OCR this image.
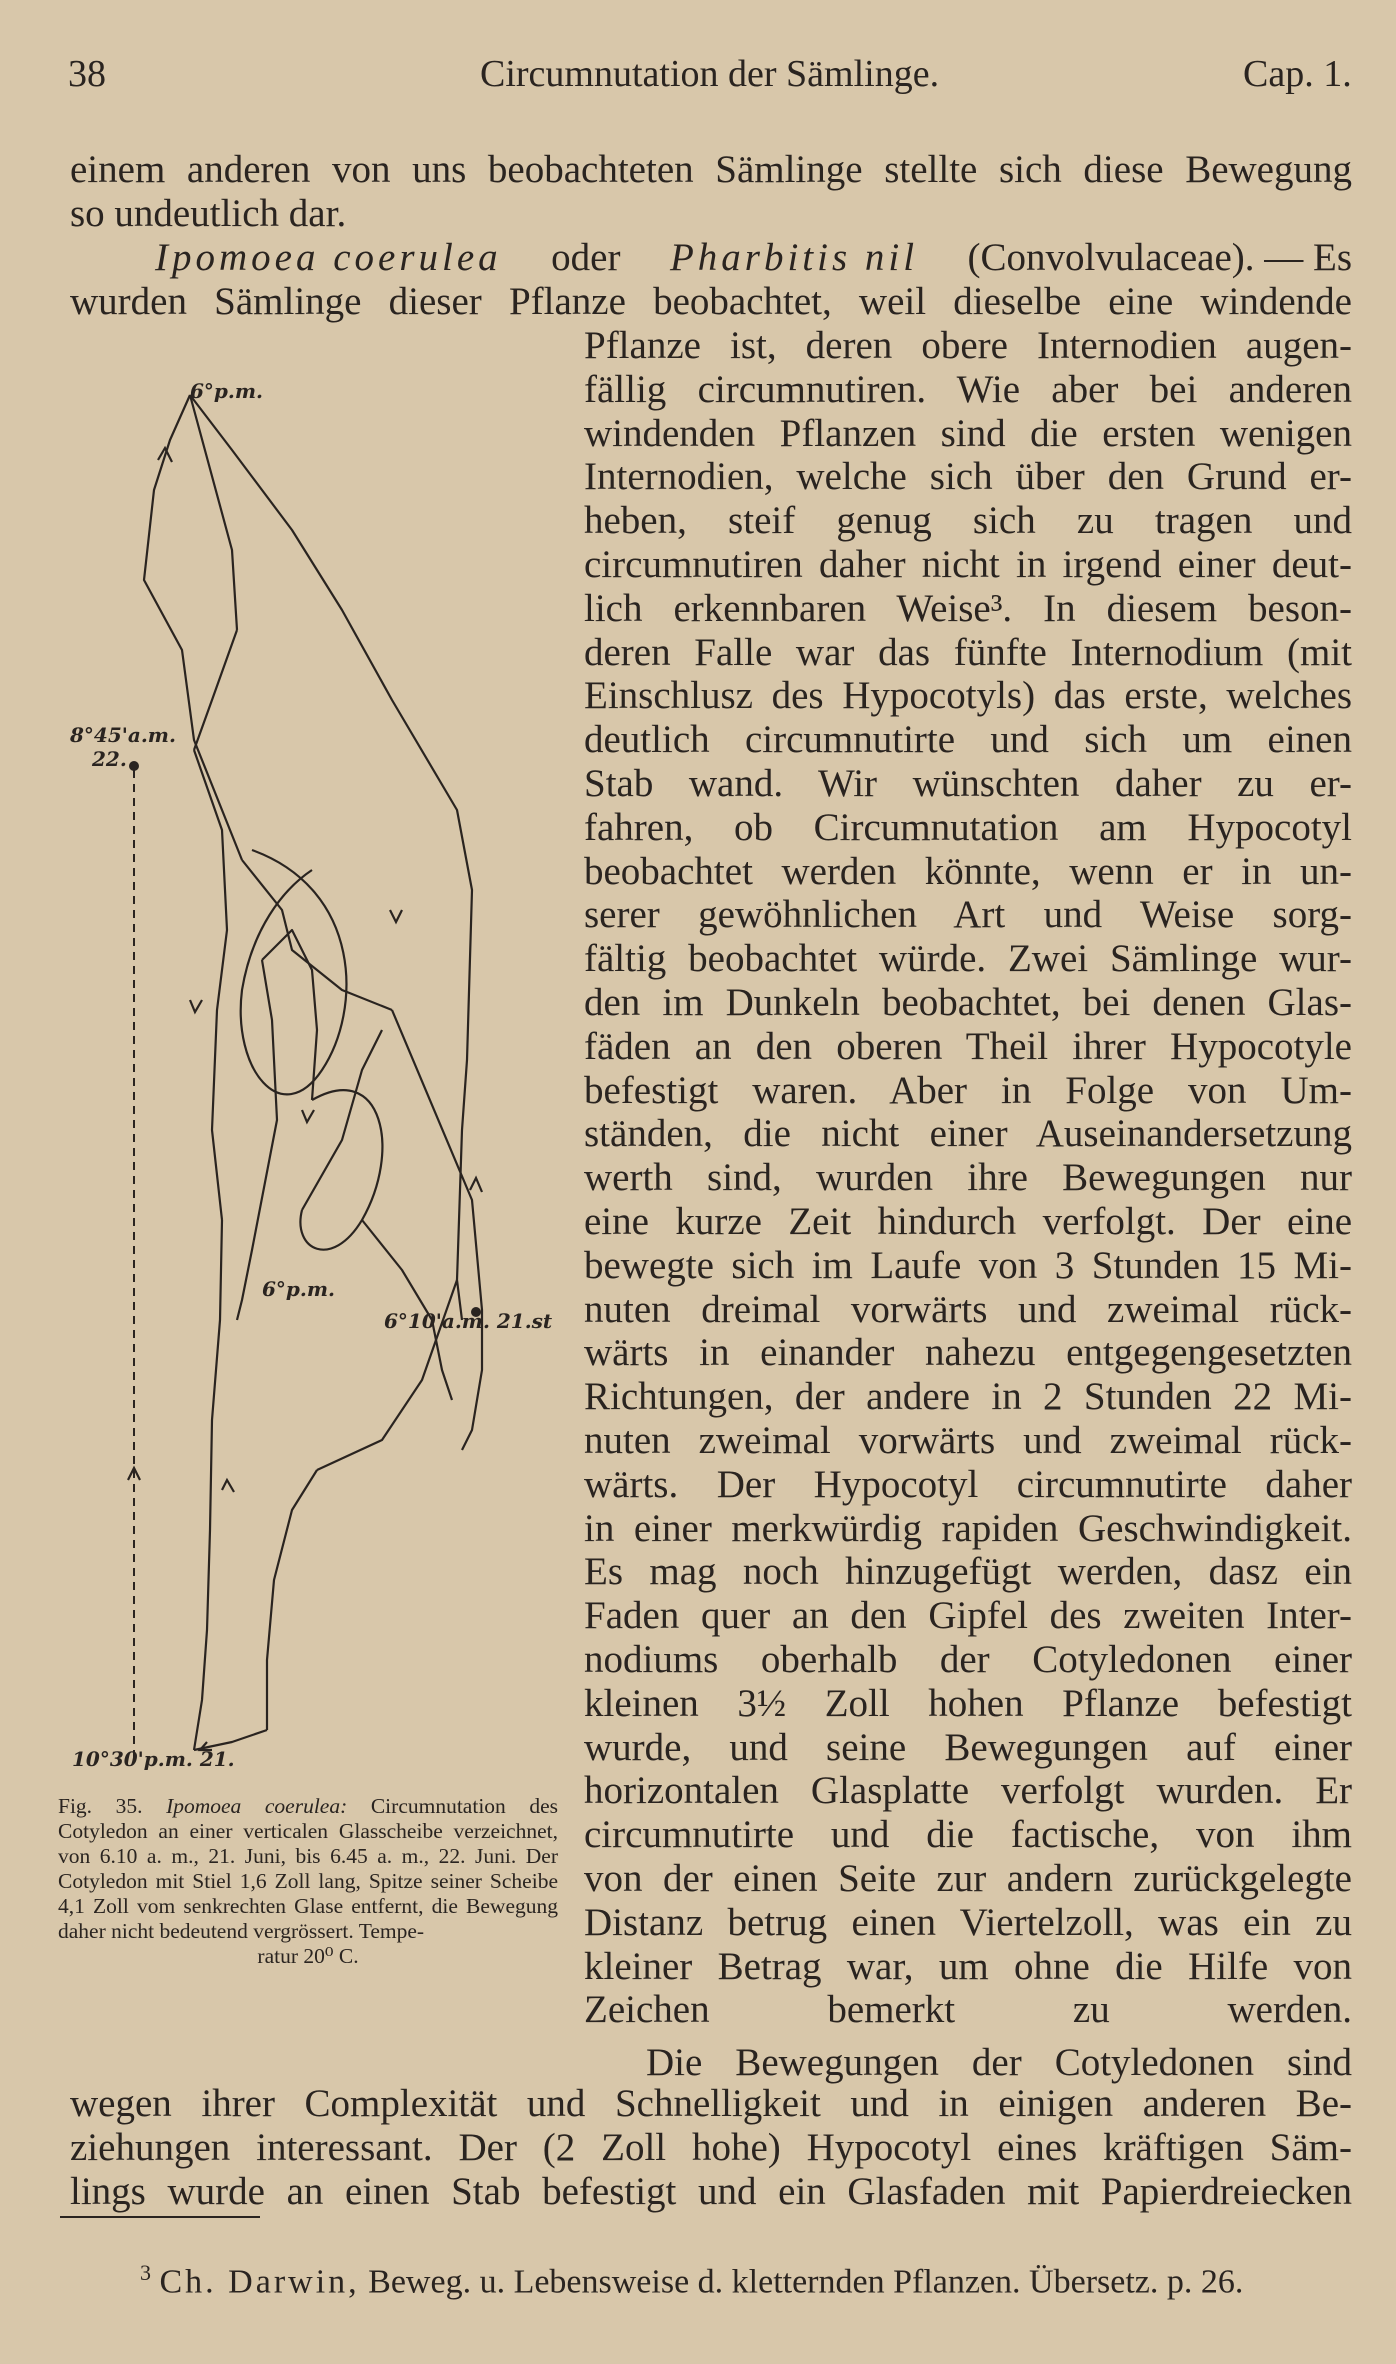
38	Circumnutation der Sämlinge.	Cap. 1.
einem anderen von uns beobachteten Sämlinge stellte sich diese Bewegung
so undeutlich dar.
Ipomoea coerulea oder Pharbitis nil (Convolvulaceae). — Es
wurden Sämlinge dieser Pflanze beobachtet, weil dieselbe eine windende
Pflanze ist, deren obere Internodien augen-
fällig circumnutiren. Wie aber bei anderen
windenden Pflanzen sind die ersten wenigen
Internodien, welche sich über den Grund er-
heben, steif genug sich zu tragen und
circumnutiren daher nicht in irgend einer deut-
lich erkennbaren Weise³. In diesem beson-
deren Falle war das fünfte Internodium (mit
Einschlusz des Hypocotyls) das erste, welches
deutlich circumnutirte und sich um einen
Stab wand. Wir wünschten daher zu er-
fahren, ob Circumnutation am Hypocotyl
beobachtet werden könnte, wenn er in un-
serer gewöhnlichen Art und Weise sorg-
fältig beobachtet würde. Zwei Sämlinge wur-
den im Dunkeln beobachtet, bei denen Glas-
fäden an den oberen Theil ihrer Hypocotyle
befestigt waren. Aber in Folge von Um-
ständen, die nicht einer Auseinandersetzung
werth sind, wurden ihre Bewegungen nur
eine kurze Zeit hindurch verfolgt. Der eine
bewegte sich im Laufe von 3 Stunden 15 Mi-
nuten dreimal vorwärts und zweimal rück-
wärts in einander nahezu entgegengesetzten
Richtungen, der andere in 2 Stunden 22 Mi-
nuten zweimal vorwärts und zweimal rück-
wärts. Der Hypocotyl circumnutirte daher
in einer merkwürdig rapiden Geschwindigkeit.
Es mag noch hinzugefügt werden, dasz ein
Faden quer an den Gipfel des zweiten Inter-
nodiums oberhalb der Cotyledonen einer
kleinen 3½ Zoll hohen Pflanze befestigt
wurde, und seine Bewegungen auf einer
horizontalen Glasplatte verfolgt wurden. Er
circumnutirte und die factische, von ihm
von der einen Seite zur andern zurückgelegte
Distanz betrug einen Viertelzoll, was ein zu
kleiner Betrag war, um ohne die Hilfe von
Zeichen bemerkt zu werden.
Die Bewegungen der Cotyledonen sind
wegen ihrer Complexität und Schnelligkeit und in einigen anderen Be-
ziehungen interessant. Der (2 Zoll hohe) Hypocotyl eines kräftigen Säm-
lings wurde an einen Stab befestigt und ein Glasfaden mit Papierdreiecken
6°p.m.
8°45'a.m.
22.
6°p.m.
6°10'a.m. 21.st
10°30'p.m. 21.
Fig. 35. Ipomoea coerulea: Circumnutation des Cotyledon an einer verticalen Glasscheibe verzeichnet, von 6.10 a. m., 21. Juni, bis 6.45 a. m., 22. Juni. Der Cotyledon mit Stiel 1,6 Zoll lang, Spitze seiner Scheibe 4,1 Zoll vom senkrechten Glase entfernt, die Bewegung daher nicht bedeutend vergrössert. Tempe-
ratur 20⁰ C.
$^3$ Ch. Darwin, Beweg. u. Lebensweise d. kletternden Pflanzen. Übersetz. p. 26.
